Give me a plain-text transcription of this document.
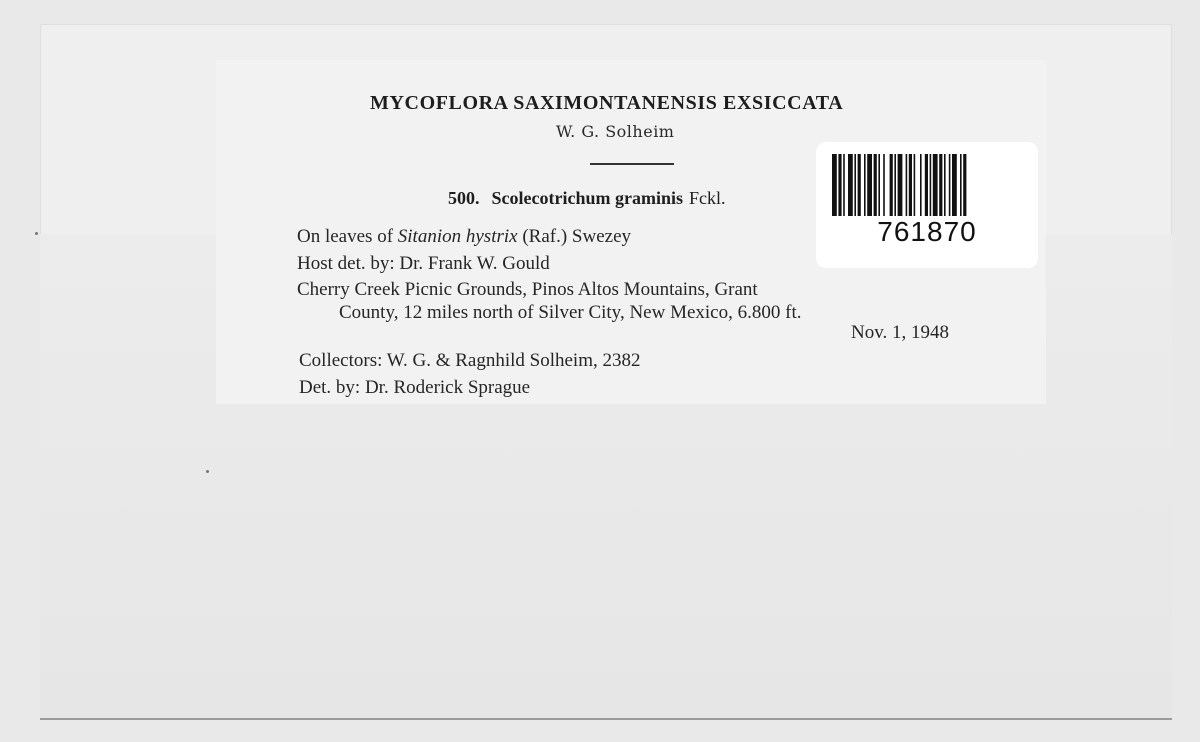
MYCOFLORA SAXIMONTANENSIS EXSICCATA
W. G. Solheim
500. Scolecotrichum graminis Fckl.
On leaves of Sitanion hystrix (Raf.) Swezey
Host det. by: Dr. Frank W. Gould
Cherry Creek Picnic Grounds, Pinos Altos Mountains, Grant
County, 12 miles north of Silver City, New Mexico, 6.800 ft.
Nov. 1, 1948
Collectors: W. G. & Ragnhild Solheim, 2382
Det. by: Dr. Roderick Sprague
761870
